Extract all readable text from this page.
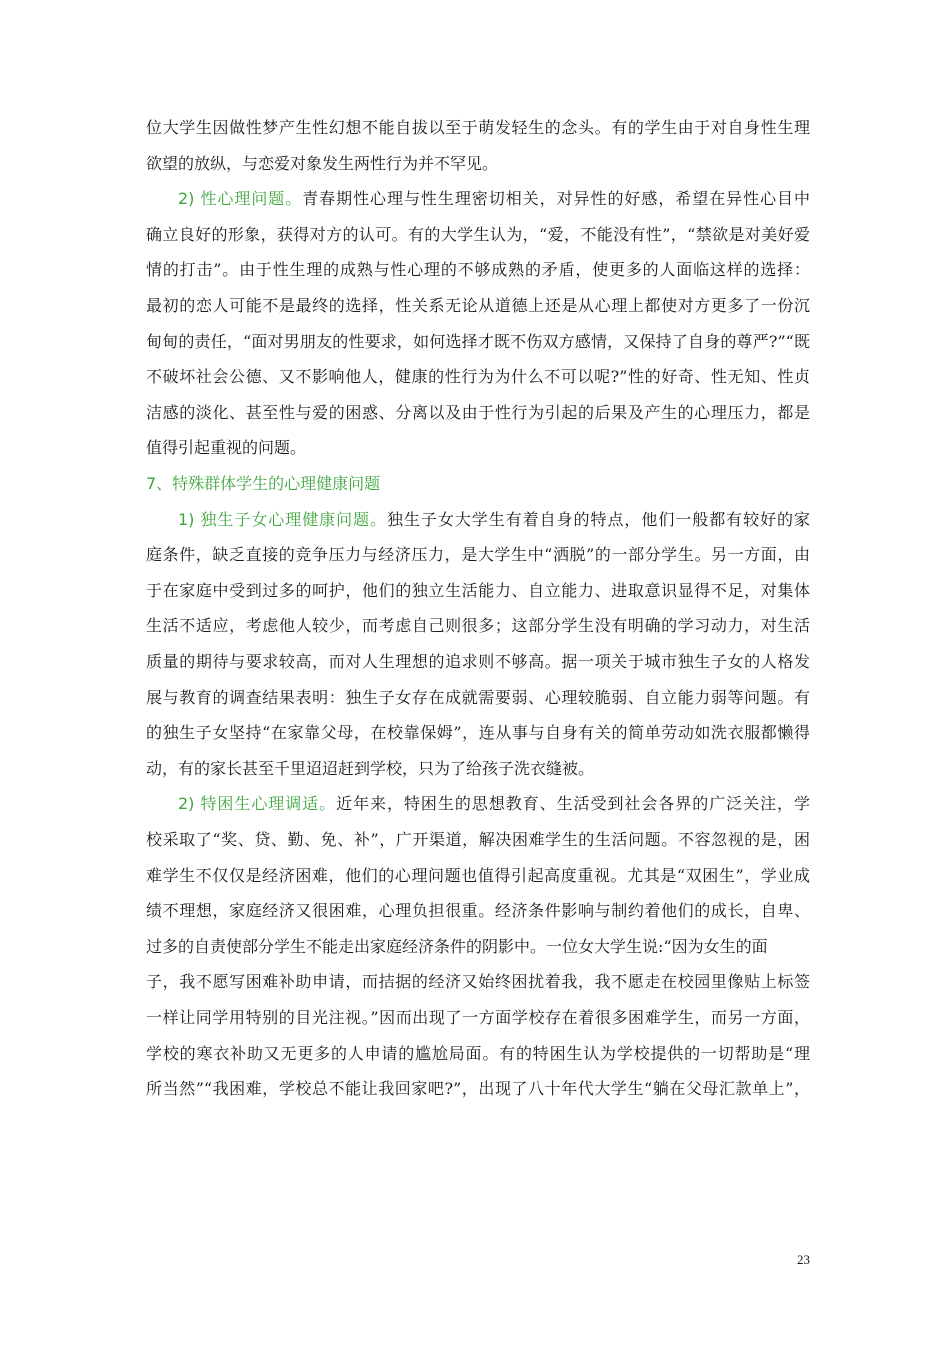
位大学生因做性梦产生性幻想不能自拔以至于萌发轻生的念头。有的学生由于对自身性生理
欲望的放纵，与恋爱对象发生两性行为并不罕见。
2) 性心理问题。青春期性心理与性生理密切相关，对异性的好感，希望在异性心目中
确立良好的形象，获得对方的认可。有的大学生认为，“爱，不能没有性”，“禁欲是对美好爱
情的打击”。由于性生理的成熟与性心理的不够成熟的矛盾，使更多的人面临这样的选择：
最初的恋人可能不是最终的选择，性关系无论从道德上还是从心理上都使对方更多了一份沉
甸甸的责任，“面对男朋友的性要求，如何选择才既不伤双方感情，又保持了自身的尊严?”“既
不破坏社会公德、又不影响他人，健康的性行为为什么不可以呢?”性的好奇、性无知、性贞
洁感的淡化、甚至性与爱的困惑、分离以及由于性行为引起的后果及产生的心理压力，都是
值得引起重视的问题。
7、特殊群体学生的心理健康问题
1) 独生子女心理健康问题。独生子女大学生有着自身的特点，他们一般都有较好的家
庭条件，缺乏直接的竞争压力与经济压力，是大学生中“洒脱”的一部分学生。另一方面，由
于在家庭中受到过多的呵护，他们的独立生活能力、自立能力、进取意识显得不足，对集体
生活不适应，考虑他人较少，而考虑自己则很多；这部分学生没有明确的学习动力，对生活
质量的期待与要求较高，而对人生理想的追求则不够高。据一项关于城市独生子女的人格发
展与教育的调查结果表明：独生子女存在成就需要弱、心理较脆弱、自立能力弱等问题。有
的独生子女坚持“在家靠父母，在校靠保姆”，连从事与自身有关的简单劳动如洗衣服都懒得
动，有的家长甚至千里迢迢赶到学校，只为了给孩子洗衣缝被。
2) 特困生心理调适。近年来，特困生的思想教育、生活受到社会各界的广泛关注，学
校采取了“奖、贷、勤、免、补”，广开渠道，解决困难学生的生活问题。不容忽视的是，困
难学生不仅仅是经济困难，他们的心理问题也值得引起高度重视。尤其是“双困生”，学业成
绩不理想，家庭经济又很困难，心理负担很重。经济条件影响与制约着他们的成长，自卑、
过多的自责使部分学生不能走出家庭经济条件的阴影中。一位女大学生说:“因为女生的面
子，我不愿写困难补助申请，而拮据的经济又始终困扰着我，我不愿走在校园里像贴上标签
一样让同学用特别的目光注视。”因而出现了一方面学校存在着很多困难学生，而另一方面，
学校的寒衣补助又无更多的人申请的尴尬局面。有的特困生认为学校提供的一切帮助是“理
所当然”“我困难，学校总不能让我回家吧?”，出现了八十年代大学生“躺在父母汇款单上”，
23
